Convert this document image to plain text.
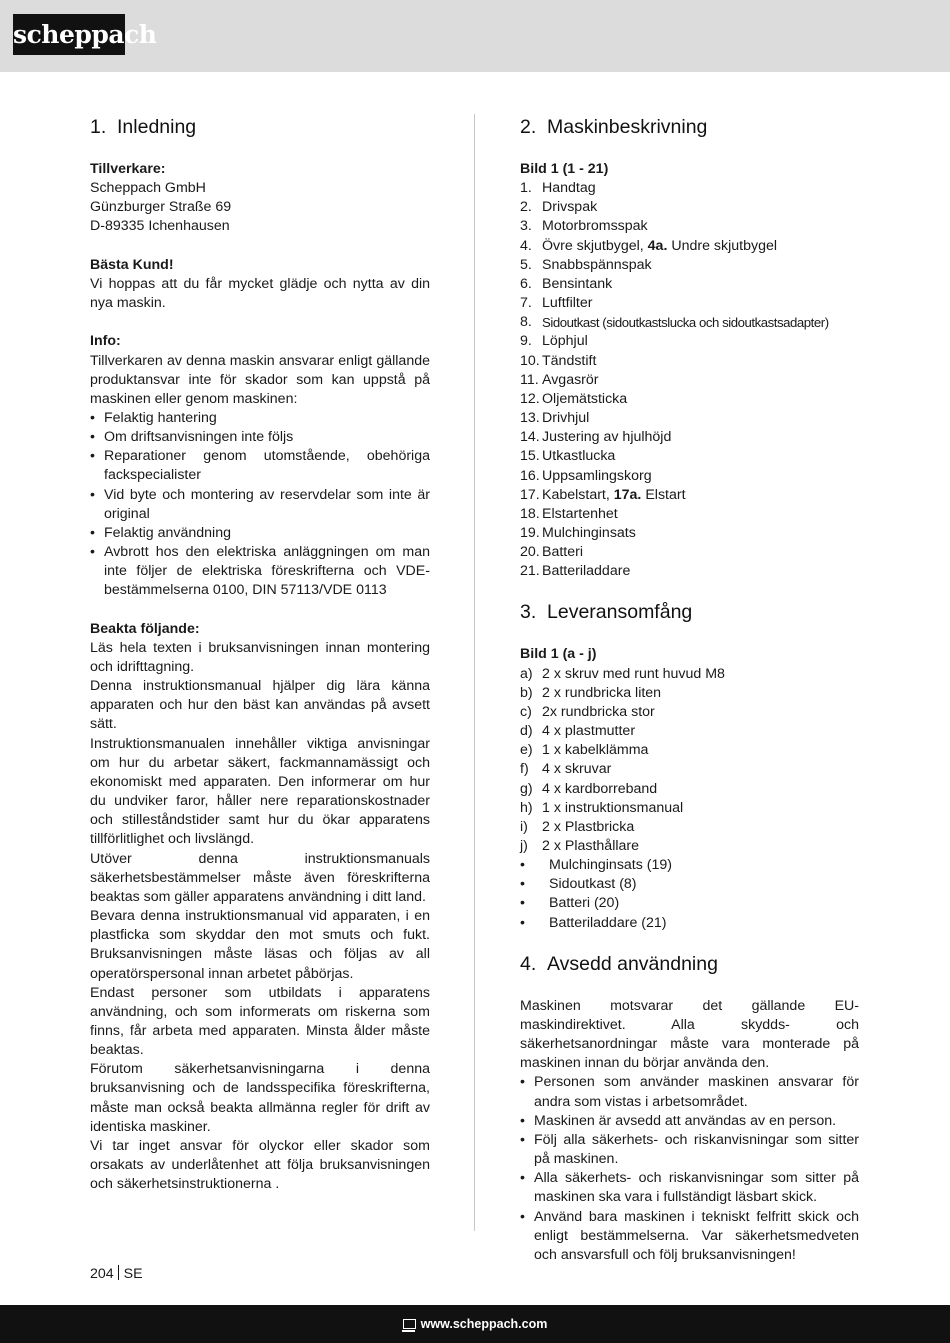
scheppach
1. Inledning
Tillverkare:
Scheppach GmbH
Günzburger Straße 69
D-89335 Ichenhausen
Bästa Kund!

Vi hoppas att du får mycket glädje och nytta av din nya maskin.

Info:

Tillverkaren av denna maskin ansvarar enligt gällande produktansvar inte för skador som kan uppstå på maskinen eller genom maskinen:

• Felaktig hantering
• Om driftsanvisningen inte följs
• Reparationer genom utomstående, obehöriga fackspecialister
• Vid byte och montering av reservdelar som inte är original
• Felaktig användning
• Avbrott hos den elektriska anläggningen om man inte följer de elektriska föreskrifterna och VDE-bestämmelserna 0100, DIN 57113/VDE 0113
Beakta följande:

Läs hela texten i bruksanvisningen innan montering och idrifttagning.

Denna instruktionsmanual hjälper dig lära känna apparaten och hur den bäst kan användas på avsett sätt.

Instruktionsmanualen innehåller viktiga anvisningar om hur du arbetar säkert, fackmannamässigt och ekonomiskt med apparaten. Den informerar om hur du undviker faror, håller nere reparationskostnader och stilleståndstider samt hur du ökar apparatens tillförlitlighet och livslängd.

Utöver denna instruktionsmanuals säkerhetsbestämmelser måste även föreskrifterna beaktas som gäller apparatens användning i ditt land.

Bevara denna instruktionsmanual vid apparaten, i en plastficka som skyddar den mot smuts och fukt. Bruksanvisningen måste läsas och följas av all operatörspersonal innan arbetet påbörjas.

Endast personer som utbildats i apparatens användning, och som informerats om riskerna som finns, får arbeta med apparaten. Minsta ålder måste beaktas.

Förutom säkerhetsanvisningarna i denna bruksanvisning och de landsspecifika föreskrifterna, måste man också beakta allmänna regler för drift av identiska maskiner.

Vi tar inget ansvar för olyckor eller skador som orsakats av underlåtenhet att följa bruksanvisningen och säkerhetsinstruktionerna .

2. Maskinbeskrivning
Bild 1 (1 - 21)
1. Handtag
2. Drivspak
3. Motorbromsspak
4. Övre skjutbygel, 4a. Undre skjutbygel
5. Snabbspännspak
6. Bensintank
7. Luftfilter
8. Sidoutkast (sidoutkastslucka och sidoutkastsadapter)
9. Löphjul
10. Tändstift
11. Avgasrör
12. Oljemätsticka
13. Drivhjul
14. Justering av hjulhöjd
15. Utkastlucka
16. Uppsamlingskorg
17. Kabelstart, 17a. Elstart
18. Elstartenhet
19. Mulchinginsats
20. Batteri
21. Batteriladdare
3. Leveransomfång
Bild 1 (a - j)
a) 2 x skruv med runt huvud M8
b) 2 x rundbricka liten
c) 2x rundbricka stor
d) 4 x plastmutter
e) 1 x kabelklämma
f) 4 x skruvar
g) 4 x kardborreband
h) 1 x instruktionsmanual
i) 2 x Plastbricka
j) 2 x Plasthållare
• Mulchinginsats (19)
• Sidoutkast (8)
• Batteri (20)
• Batteriladdare (21)
4. Avsedd användning

Maskinen motsvarar det gällande EU-maskindirektivet. Alla skydds- och säkerhetsanordningar måste vara monterade på maskinen innan du börjar använda den.

• Personen som använder maskinen ansvarar för andra som vistas i arbetsområdet.
• Maskinen är avsedd att användas av en person.
• Följ alla säkerhets- och riskanvisningar som sitter på maskinen.
• Alla säkerhets- och riskanvisningar som sitter på maskinen ska vara i fullständigt läsbart skick.
• Använd bara maskinen i tekniskt felfritt skick och enligt bestämmelserna. Var säkerhetsmedveten och ansvarsfull och följ bruksanvisningen!
204 SE
www.scheppach.com
